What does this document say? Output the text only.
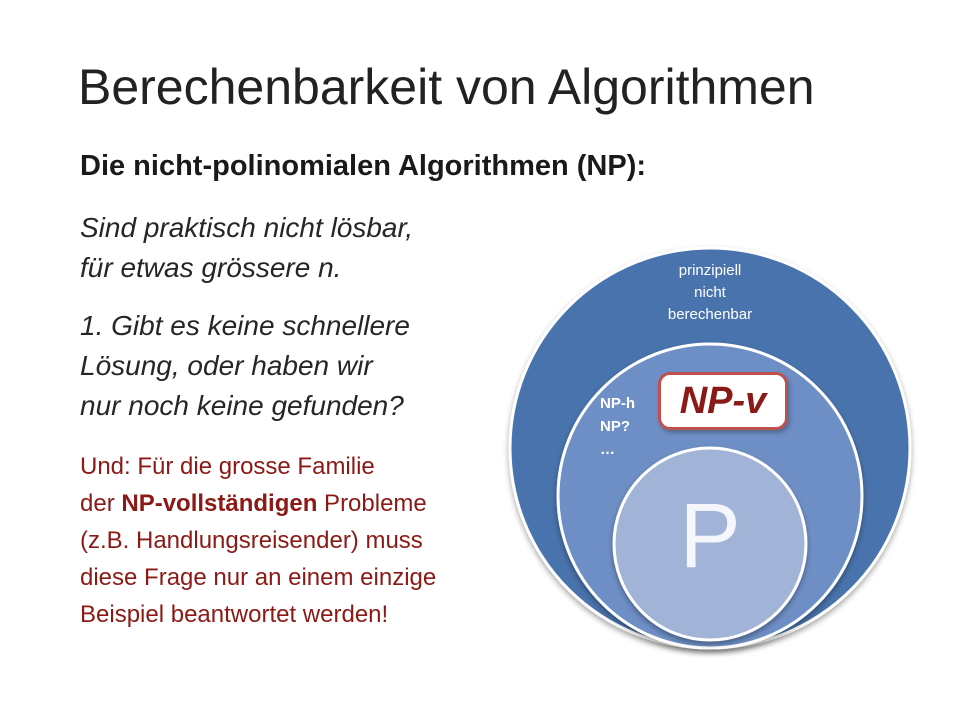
Berechenbarkeit von Algorithmen
Die nicht-polinomialen Algorithmen (NP):

Sind praktisch nicht lösbar,
für etwas grössere n.

1. Gibt es keine schnellere
Lösung, oder haben wir
nur noch keine gefunden?

Und: Für die grosse Familie
der NP-vollständigen Probleme
(z.B. Handlungsreisender) muss
diese Frage nur an einem einzige
Beispiel beantwortet werden!

prinzipiell
nicht
berechenbar
NP-h
NP?
…
P
NP-v
